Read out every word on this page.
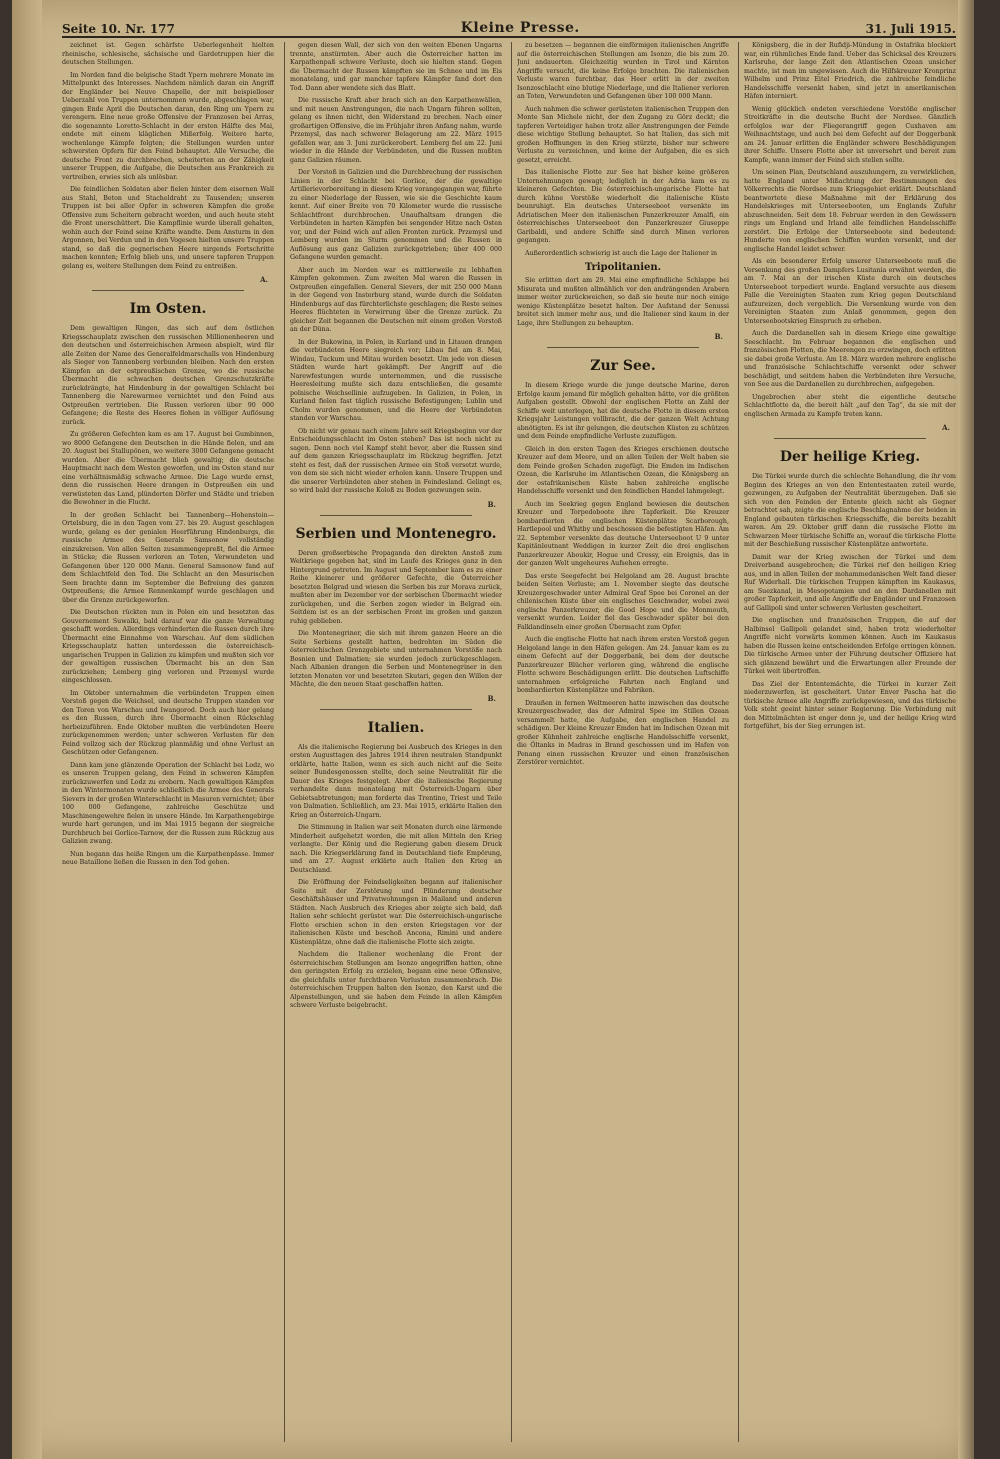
Seite 10. Nr. 177	Kleine Presse.	31. Juli 1915.

zeichnet ist. Gegen schärfste Ueberlegenheit hielten rheinische, schlesische, sächsische und Gardetruppen hier die deutschen Stellungen.

Im Norden fand die belgische Stadt Ypern mehrere Monate im Mittelpunkt des Interesses. Nachdem nämlich daran ein Angriff der Engländer bei Neuve Chapelle, der mit beispielloser Ueberzahl von Truppen unternommen wurde, abgeschlagen war, gingen Ende April die Deutschen daran, den Ring um Ypern zu verengern. Eine neue große Offensive der Franzosen bei Arras, die sogenannte Loretto-Schlacht in der ersten Hälfte des Mai, endete mit einem kläglichen Mißerfolg. Weitere harte, wochenlange Kämpfe folgten; die Stellungen wurden unter schwersten Opfern für den Feind behauptet. Alle Versuche, die deutsche Front zu durchbrechen, scheiterten an der Zähigkeit unserer Truppen, die Aufgabe, die Deutschen aus Frankreich zu vertreiben, erwies sich als unlösbar.

Die feindlichen Soldaten aber fielen hinter dem eisernen Wall aus Stahl, Beton und Stacheldraht zu Tausenden; unseren Truppen ist bei aller Opfer in schweren Kämpfen die große Offensive zum Scheitern gebracht worden, und auch heute steht die Front unerschüttert. Die Kampflinie wurde überall gehalten, wohin auch der Feind seine Kräfte wandte. Dem Ansturm in den Argonnen, bei Verdun und in den Vogesen hielten unsere Truppen stand, so daß die gegnerischen Heere nirgends Fortschritte machen konnten; Erfolg blieb uns, und unsere tapferen Truppen gelang es, weitere Stellungen dem Feind zu entreißen.

A.
Im Osten.

Dem gewaltigen Ringen, das sich auf dem östlichen Kriegsschauplatz zwischen den russischen Millionenheeren und den deutschen und österreichischen Armeen abspielt, wird für alle Zeiten der Name des Generalfeldmarschalls von Hindenburg als Sieger von Tannenberg verbunden bleiben. Nach den ersten Kämpfen an der ostpreußischen Grenze, wo die russische Übermacht die schwachen deutschen Grenzschutzkräfte zurückdrängte, hat Hindenburg in der gewaltigen Schlacht bei Tannenberg die Narewarmee vernichtet und den Feind aus Ostpreußen vertrieben. Die Russen verloren über 90 000 Gefangene; die Reste des Heeres flohen in völliger Auflösung zurück.

Zu größeren Gefechten kam es am 17. August bei Gumbinnen, wo 8000 Gefangene den Deutschen in die Hände fielen, und am 20. August bei Stallupönen, wo weitere 3000 Gefangene gemacht wurden. Aber die Übermacht blieb gewaltig; die deutsche Hauptmacht nach dem Westen geworfen, und im Osten stand nur eine verhältnismäßig schwache Armee. Die Lage wurde ernst, denn die russischen Heere drangen in Ostpreußen ein und verwüsteten das Land, plünderten Dörfer und Städte und trieben die Bewohner in die Flucht.

In der großen Schlacht bei Tannenberg—Hohenstein—Ortelsburg, die in den Tagen vom 27. bis 29. August geschlagen wurde, gelang es der genialen Heerführung Hindenburgs, die russische Armee des Generals Samsonow vollständig einzukreisen. Von allen Seiten zusammengepreßt, fiel die Armee in Stücke; die Russen verloren an Toten, Verwundeten und Gefangenen über 120 000 Mann. General Samsonow fand auf dem Schlachtfeld den Tod. Die Schlacht an den Masurischen Seen brachte dann im September die Befreiung des ganzen Ostpreußens; die Armee Rennenkampf wurde geschlagen und über die Grenze zurückgeworfen.

Die Deutschen rückten nun in Polen ein und besetzten das Gouvernement Suwalki, bald darauf war die ganze Verwaltung geschafft worden. Allerdings verhinderten die Russen durch ihre Übermacht eine Einnahme von Warschau. Auf dem südlichen Kriegsschauplatz hatten unterdessen die österreichisch-ungarischen Truppen in Galizien zu kämpfen und mußten sich vor der gewaltigen russischen Übermacht bis an den San zurückziehen; Lemberg ging verloren und Przemysl wurde eingeschlossen.

Im Oktober unternahmen die verbündeten Truppen einen Vorstoß gegen die Weichsel, und deutsche Truppen standen vor den Toren von Warschau und Iwangorod. Doch auch hier gelang es den Russen, durch ihre Übermacht einen Rückschlag herbeizuführen. Ende Oktober mußten die verbündeten Heere zurückgenommen werden; unter schweren Verlusten für den Feind vollzog sich der Rückzug planmäßig und ohne Verlust an Geschützen oder Gefangenen.

Dann kam jene glänzende Operation der Schlacht bei Lodz, wo es unseren Truppen gelang, den Feind in schweren Kämpfen zurückzuwerfen und Lodz zu erobern. Nach gewaltigen Kämpfen in den Wintermonaten wurde schließlich die Armee des Generals Sievers in der großen Winterschlacht in Masuren vernichtet; über 100 000 Gefangene, zahlreiche Geschütze und Maschinengewehre fielen in unsere Hände. Im Karpathengebirge wurde hart gerungen, und im Mai 1915 begann der siegreiche Durchbruch bei Gorlice-Tarnow, der die Russen zum Rückzug aus Galizien zwang.

Nun begann das heiße Ringen um die Karpathenpässe. Immer neue Bataillone ließen die Russen in den Tod gehen.

gegen diesen Wall, der sich von den weiten Ebenen Ungarns trennte, anstürmten. Aber auch die Österreicher hatten im Karpathenpaß schwere Verluste, doch sie hielten stand. Gegen die Übermacht der Russen kämpften sie im Schnee und im Eis monatelang, und gar mancher tapfere Kämpfer fand dort den Tod. Dann aber wendete sich das Blatt.

Die russische Kraft aber brach sich an den Karpathenwällen, und mit neuen Anstrengungen, die nach Ungarn führen sollten, gelang es ihnen nicht, den Widerstand zu brechen. Nach einer großartigen Offensive, die im Frühjahr ihren Anfang nahm, wurde Przemysl, das nach schwerer Belagerung am 22. März 1915 gefallen war, am 3. Juni zurückerobert. Lemberg fiel am 22. Juni wieder in die Hände der Verbündeten, und die Russen mußten ganz Galizien räumen.

Der Vorstoß in Galizien und die Durchbrechung der russischen Linien in der Schlacht bei Gorlice, der die gewaltige Artillerievorbereitung in diesem Krieg vorangegangen war, führte zu einer Niederlage der Russen, wie sie die Geschichte kaum kennt. Auf einer Breite von 70 Kilometer wurde die russische Schlachtfront durchbrochen. Unaufhaltsam drangen die Verbündeten in harten Kämpfen bei sengender Hitze nach Osten vor, und der Feind wich auf allen Fronten zurück. Przemysl und Lemberg wurden im Sturm genommen und die Russen in Auflösung aus ganz Galizien zurückgetrieben; über 400 000 Gefangene wurden gemacht.

Aber auch im Norden war es mittlerweile zu lebhaften Kämpfen gekommen. Zum zweiten Mal waren die Russen in Ostpreußen eingefallen. General Sievers, der mit 250 000 Mann in der Gegend von Insterburg stand, wurde durch die Soldaten Hindenburgs auf das fürchterlichste geschlagen; die Reste seines Heeres flüchteten in Verwirrung über die Grenze zurück. Zu gleicher Zeit begannen die Deutschen mit einem großen Vorstoß an der Düna.

In der Bukowina, in Polen, in Kurland und in Litauen drangen die verbündeten Heere siegreich vor; Libau fiel am 8. Mai, Windau, Tuckum und Mitau wurden besetzt. Um jede von diesen Städten wurde hart gekämpft. Der Angriff auf die Narewfestungen wurde unternommen, und die russische Heeresleitung mußte sich dazu entschließen, die gesamte polnische Weichsellinie aufzugeben. In Galizien, in Polen, in Kurland fielen fast täglich russische Befestigungen; Lublin und Cholm wurden genommen, und die Heere der Verbündeten standen vor Warschau.

Ob nicht wir genau nach einem Jahre seit Kriegsbeginn vor der Entscheidungsschlacht im Osten stehen? Das ist noch nicht zu sagen. Denn noch viel Kampf steht bevor, aber die Russen sind auf dem ganzen Kriegsschauplatz im Rückzug begriffen. Jetzt steht es fest, daß der russischen Armee ein Stoß versetzt wurde, von dem sie sich nicht wieder erholen kann. Unsere Truppen und die unserer Verbündeten aber stehen in Feindesland. Gelingt es, so wird bald der russische Koloß zu Boden gezwungen sein.

B.
Serbien und Montenegro.

Deren großserbische Propaganda den direkten Anstoß zum Weltkriege gegeben hat, sind im Laufe des Krieges ganz in den Hintergrund getreten. Im August und September kam es zu einer Reihe kleinerer und größerer Gefechte, die Österreicher besetzten Belgrad und wiesen die Serben bis zur Morava zurück, mußten aber im Dezember vor der serbischen Übermacht wieder zurückgehen, und die Serben zogen wieder in Belgrad ein. Seitdem ist es an der serbischen Front im großen und ganzen ruhig geblieben.

Die Montenegriner, die sich mit ihrem ganzen Heere an die Seite Serbiens gestellt hatten, bedrohten im Süden die österreichischen Grenzgebiete und unternahmen Vorstöße nach Bosnien und Dalmatien; sie wurden jedoch zurückgeschlagen. Nach Albanien drangen die Serben und Montenegriner in den letzten Monaten vor und besetzten Skutari, gegen den Willen der Mächte, die den neuen Staat geschaffen hatten.

B.
Italien.

Als die italienische Regierung bei Ausbruch des Krieges in den ersten Augusttagen des Jahres 1914 ihren neutralen Standpunkt erklärte, hatte Italien, wenn es sich auch nicht auf die Seite seiner Bundesgenossen stellte, doch seine Neutralität für die Dauer des Krieges festgelegt. Aber die italienische Regierung verhandelte dann monatelang mit Österreich-Ungarn über Gebietsabtretungen; man forderte das Trentino, Triest und Teile von Dalmatien. Schließlich, am 23. Mai 1915, erklärte Italien den Krieg an Österreich-Ungarn.

Die Stimmung in Italien war seit Monaten durch eine lärmende Minderheit aufgehetzt worden, die mit allen Mitteln den Krieg verlangte. Der König und die Regierung gaben diesem Druck nach. Die Kriegserklärung fand in Deutschland tiefe Empörung, und am 27. August erklärte auch Italien den Krieg an Deutschland.

Die Eröffnung der Feindseligkeiten begann auf italienischer Seite mit der Zerstörung und Plünderung deutscher Geschäftshäuser und Privatwohnungen in Mailand und anderen Städten. Nach Ausbruch des Krieges aber zeigte sich bald, daß Italien sehr schlecht gerüstet war. Die österreichisch-ungarische Flotte erschien schon in den ersten Kriegstagen vor der italienischen Küste und beschoß Ancona, Rimini und andere Küstenplätze, ohne daß die italienische Flotte sich zeigte.

Nachdem die Italiener wochenlang die Front der österreichischen Stellungen am Isonzo angegriffen hatten, ohne den geringsten Erfolg zu erzielen, begann eine neue Offensive, die gleichfalls unter furchtbaren Verlusten zusammenbrach. Die österreichischen Truppen halten den Isonzo, den Karst und die Alpenstellungen, und sie haben dem Feinde in allen Kämpfen schwere Verluste beigebracht.

zu besetzen — begannen die einförmigen italienischen Angriffe auf die österreichischen Stellungen am Isonzo, die bis zum 20. Juni andauerten. Gleichzeitig wurden in Tirol und Kärnten Angriffe versucht, die keine Erfolge brachten. Die italienischen Verluste waren furchtbar, das Heer erlitt in der zweiten Isonzoschlacht eine blutige Niederlage, und die Italiener verloren an Toten, Verwundeten und Gefangenen über 100 000 Mann.

Auch nahmen die schwer gerüsteten italienischen Truppen den Monte San Michele nicht, der den Zugang zu Görz deckt; die tapferen Verteidiger haben trotz aller Anstrengungen der Feinde diese wichtige Stellung behauptet. So hat Italien, das sich mit großen Hoffnungen in den Krieg stürzte, bisher nur schwere Verluste zu verzeichnen, und keine der Aufgaben, die es sich gesetzt, erreicht.

Das italienische Flotte zur See hat bisher keine größeren Unternehmungen gewagt; lediglich in der Adria kam es zu kleineren Gefechten. Die österreichisch-ungarische Flotte hat durch kühne Vorstöße wiederholt die italienische Küste beunruhigt. Ein deutsches Unterseeboot versenkte im Adriatischen Meer den italienischen Panzerkreuzer Amalfi, ein österreichisches Unterseeboot den Panzerkreuzer Giuseppe Garibaldi, und andere Schiffe sind durch Minen verloren gegangen.

Außerordentlich schwierig ist auch die Lage der Italiener in

Tripolitanien.

Sie erlitten dort am 29. Mai eine empfindliche Schlappe bei Misurata und mußten allmählich vor den andrängenden Arabern immer weiter zurückweichen, so daß sie heute nur noch einige wenige Küstenplätze besetzt halten. Der Aufstand der Senussi breitet sich immer mehr aus, und die Italiener sind kaum in der Lage, ihre Stellungen zu behaupten.

B.
Zur See.

In diesem Kriege wurde die junge deutsche Marine, deren Erfolge kaum jemand für möglich gehalten hätte, vor die größten Aufgaben gestellt. Obwohl der englischen Flotte an Zahl der Schiffe weit unterlegen, hat die deutsche Flotte in diesem ersten Kriegsjahr Leistungen vollbracht, die der ganzen Welt Achtung abnötigten. Es ist ihr gelungen, die deutschen Küsten zu schützen und dem Feinde empfindliche Verluste zuzufügen.

Gleich in den ersten Tagen des Krieges erschienen deutsche Kreuzer auf dem Meere, und an allen Teilen der Welt haben sie dem Feinde großen Schaden zugefügt. Die Emden im Indischen Ozean, die Karlsruhe im Atlantischen Ozean, die Königsberg an der ostafrikanischen Küste haben zahlreiche englische Handelsschiffe versenkt und den feindlichen Handel lahmgelegt.

Auch im Seekrieg gegen England bewiesen die deutschen Kreuzer und Torpedoboote ihre Tapferkeit. Die Kreuzer bombardierten die englischen Küstenplätze Scarborough, Hartlepool und Whitby und beschossen die befestigten Häfen. Am 22. September versenkte das deutsche Unterseeboot U 9 unter Kapitänleutnant Weddigen in kurzer Zeit die drei englischen Panzerkreuzer Aboukir, Hogue und Cressy, ein Ereignis, das in der ganzen Welt ungeheures Aufsehen erregte.

Das erste Seegefecht bei Helgoland am 28. August brachte beiden Seiten Verluste; am 1. November siegte das deutsche Kreuzergeschwader unter Admiral Graf Spee bei Coronel an der chilenischen Küste über ein englisches Geschwader, wobei zwei englische Panzerkreuzer, die Good Hope und die Monmouth, versenkt wurden. Leider fiel das Geschwader später bei den Falklandinseln einer großen Übermacht zum Opfer.

Auch die englische Flotte hat nach ihrem ersten Vorstoß gegen Helgoland lange in den Häfen gelegen. Am 24. Januar kam es zu einem Gefecht auf der Doggerbank, bei dem der deutsche Panzerkreuzer Blücher verloren ging, während die englische Flotte schwere Beschädigungen erlitt. Die deutschen Luftschiffe unternahmen erfolgreiche Fahrten nach England und bombardierten Küstenplätze und Fabriken.

Draußen in fernen Weltmeeren hatte inzwischen das deutsche Kreuzergeschwader, das der Admiral Spee im Stillen Ozean versammelt hatte, die Aufgabe, den englischen Handel zu schädigen. Der kleine Kreuzer Emden hat im Indischen Ozean mit großer Kühnheit zahlreiche englische Handelsschiffe versenkt, die Öltanks in Madras in Brand geschossen und im Hafen von Penang einen russischen Kreuzer und einen französischen Zerstörer vernichtet.

Königsberg, die in der Rufidji-Mündung in Ostafrika blockiert war, ein rühmliches Ende fand. Ueber das Schicksal des Kreuzers Karlsruhe, der lange Zeit den Atlantischen Ozean unsicher machte, ist man im ungewissen. Auch die Hilfskreuzer Kronprinz Wilhelm und Prinz Eitel Friedrich, die zahlreiche feindliche Handelsschiffe versenkt haben, sind jetzt in amerikanischen Häfen interniert.

Wenig glücklich endeten verschiedene Vorstöße englischer Streitkräfte in die deutsche Bucht der Nordsee. Gänzlich erfolglos war der Fliegerangriff gegen Cuxhaven am Weihnachtstage, und auch bei dem Gefecht auf der Doggerbank am 24. Januar erlitten die Engländer schwere Beschädigungen ihrer Schiffe. Unsere Flotte aber ist unversehrt und bereit zum Kampfe, wann immer der Feind sich stellen sollte.

Um seinen Plan, Deutschland auszuhungern, zu verwirklichen, hatte England unter Mißachtung der Bestimmungen des Völkerrechts die Nordsee zum Kriegsgebiet erklärt. Deutschland beantwortete diese Maßnahme mit der Erklärung des Handelskrieges mit Unterseebooten, um Englands Zufuhr abzuschneiden. Seit dem 18. Februar werden in den Gewässern rings um England und Irland alle feindlichen Handelsschiffe zerstört. Die Erfolge der Unterseeboote sind bedeutend: Hunderte von englischen Schiffen wurden versenkt, und der englische Handel leidet schwer.

Als ein besonderer Erfolg unserer Unterseeboote muß die Versenkung des großen Dampfers Lusitania erwähnt werden, die am 7. Mai an der irischen Küste durch ein deutsches Unterseeboot torpediert wurde. England versuchte aus diesem Falle die Vereinigten Staaten zum Krieg gegen Deutschland aufzureizen, doch vergeblich. Die Versenkung wurde von den Vereinigten Staaten zum Anlaß genommen, gegen den Unterseebootskrieg Einspruch zu erheben.

Auch die Dardanellen sah in diesem Kriege eine gewaltige Seeschlacht. Im Februar begannen die englischen und französischen Flotten, die Meerengen zu erzwingen, doch erlitten sie dabei große Verluste. Am 18. März wurden mehrere englische und französische Schlachtschiffe versenkt oder schwer beschädigt, und seitdem haben die Verbündeten ihre Versuche, von See aus die Dardanellen zu durchbrechen, aufgegeben.

Ungebrochen aber steht die eigentliche deutsche Schlachtflotte da, die bereit hält „auf den Tag“, da sie mit der englischen Armada zu Kampfe treten kann.

A.
Der heilige Krieg.

Die Türkei wurde durch die schlechte Behandlung, die ihr vom Beginn des Krieges an von den Ententestaaten zuteil wurde, gezwungen, zu Aufgaben der Neutralität überzugehen. Daß sie sich von den Feinden der Entente gleich nicht als Gegner betrachtet sah, zeigte die englische Beschlagnahme der beiden in England gebauten türkischen Kriegsschiffe, die bereits bezahlt waren. Am 29. Oktober griff dann die russische Flotte im Schwarzen Meer türkische Schiffe an, worauf die türkische Flotte mit der Beschießung russischer Küstenplätze antwortete.

Damit war der Krieg zwischen der Türkei und dem Dreiverband ausgebrochen; die Türkei rief den heiligen Krieg aus, und in allen Teilen der mohammedanischen Welt fand dieser Ruf Widerhall. Die türkischen Truppen kämpften im Kaukasus, am Suezkanal, in Mesopotamien und an den Dardanellen mit großer Tapferkeit, und alle Angriffe der Engländer und Franzosen auf Gallipoli sind unter schweren Verlusten gescheitert.

Die englischen und französischen Truppen, die auf der Halbinsel Gallipoli gelandet sind, haben trotz wiederholter Angriffe nicht vorwärts kommen können. Auch im Kaukasus haben die Russen keine entscheidenden Erfolge erringen können. Die türkische Armee unter der Führung deutscher Offiziere hat sich glänzend bewährt und die Erwartungen aller Freunde der Türkei weit übertroffen.

Das Ziel der Ententemächte, die Türkei in kurzer Zeit niederzuwerfen, ist gescheitert. Unter Enver Pascha hat die türkische Armee alle Angriffe zurückgewiesen, und das türkische Volk steht geeint hinter seiner Regierung. Die Verbindung mit den Mittelmächten ist enger denn je, und der heilige Krieg wird fortgeführt, bis der Sieg errungen ist.
